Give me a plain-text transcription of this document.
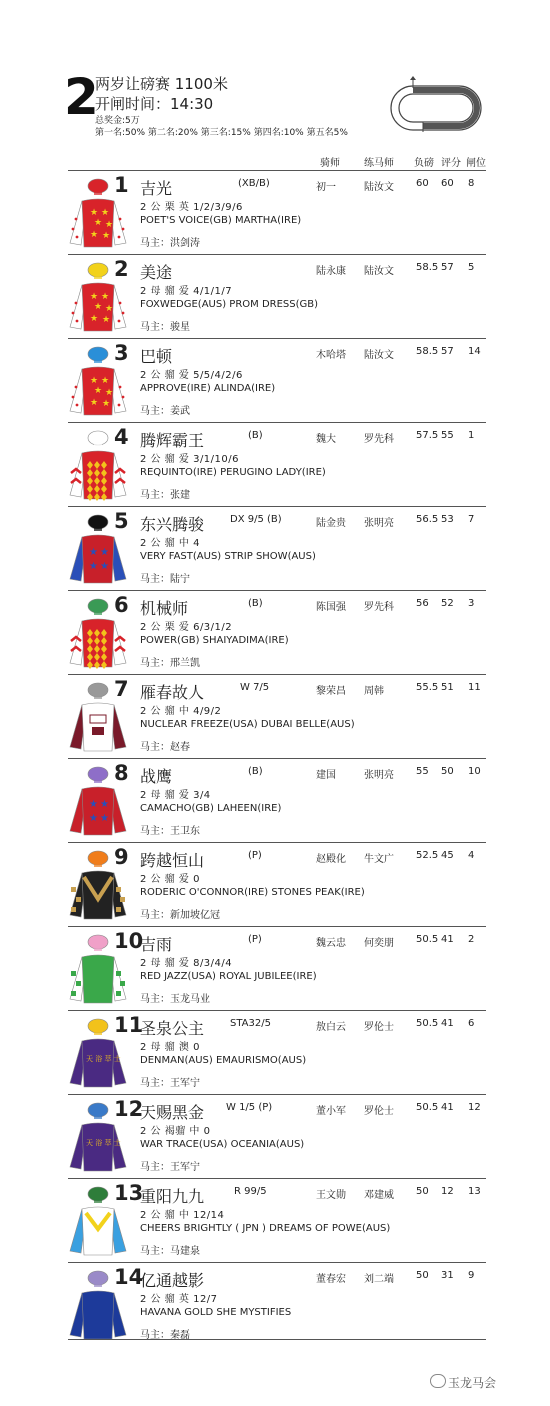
2
两岁让磅赛 1100米
开闸时间：14:30
总奖金:5万
第一名:50% 第二名:20% 第三名:15% 第四名:10% 第五名5%
骑师 练马师 负磅 评分 闸位
★ ★
★ ★
★ ★
1 吉光	(XB/B)	初一	陆汝文 60 60 8
2 公 栗 英 1/2/3/9/6
POET'S VOICE(GB) MARTHA(IRE)
马主：洪剑涛
★ ★
★ ★
★ ★
2 美途	陆永康 陆汝文 58.5 57 5
2 母 骝 爱 4/1/1/7
FOXWEDGE(AUS) PROM DRESS(GB)
马主：骏星
★ ★
★ ★
★ ★
3 巴顿	木哈塔 陆汝文 58.5 57 14
2 公 骝 爱 5/5/4/2/6
APPROVE(IRE) ALINDA(IRE)
马主：姜武
4 腾辉霸王	(B)	魏大	罗先科 57.5 55 1
2 公 骝 爱 3/1/10/6
REQUINTO(IRE) PERUGINO LADY(IRE)
马主：张建
★ ★
★ ★
5 东兴腾骏	DX 9/5 (B)	陆金贵 张明亮 56.5 53 7
2 公 骝 中 4
VERY FAST(AUS) STRIP SHOW(AUS)
马主：陆宁
6 机械师	(B)	陈国强 罗先科 56 52 3
2 公 栗 爱 6/3/1/2
POWER(GB) SHAIYADIMA(IRE)
马主：邢兰凯
7 雁春故人	W 7/5	黎荣昌 周韩	55.5 51 11
2 公 骝 中 4/9/2
NUCLEAR FREEZE(USA) DUBAI BELLE(AUS)
马主：赵春
★ ★
★ ★
8 战鹰	(B)	建国	张明亮 55 50 10
2 母 骝 爱 3/4
CAMACHO(GB) LAHEEN(IRE)
马主：王卫东
9 跨越恒山	(P)	赵殿化 牛文广 52.5 45 4
2 公 骝 爱 0
RODERIC O'CONNOR(IRE) STONES PEAK(IRE)
马主：新加坡亿冠
10
吉雨	(P)	魏云忠 何奕朋 50.5 41 2
2 母 骝 爱 8/3/4/4
RED JAZZ(USA) ROYAL JUBILEE(IRE)
马主：玉龙马业
天 浴 萃 士
11
圣泉公主	STA32/5	敖白云 罗伦士 50.5 41 6
2 母 骝 澳 0
DENMAN(AUS) EMAURISMO(AUS)
马主：王军宁
天 浴 萃 士
12
天赐黑金 W 1/5 (P)	董小军 罗伦士 50.5 41 12
2 公 褐骝 中 0
WAR TRACE(USA) OCEANIA(AUS)
马主：王军宁
13
重阳九九	R 99/5	王文勋 邓建威 50 12 13
2 公 骝 中 12/14
CHEERS BRIGHTLY ( JPN ) DREAMS OF POWE(AUS)
马主：马建泉
14
亿通越影	董春宏 刘二端 50 31 9
2 公 骝 英 12/7
HAVANA GOLD SHE MYSTIFIES
马主：秦磊
玉龙马会
